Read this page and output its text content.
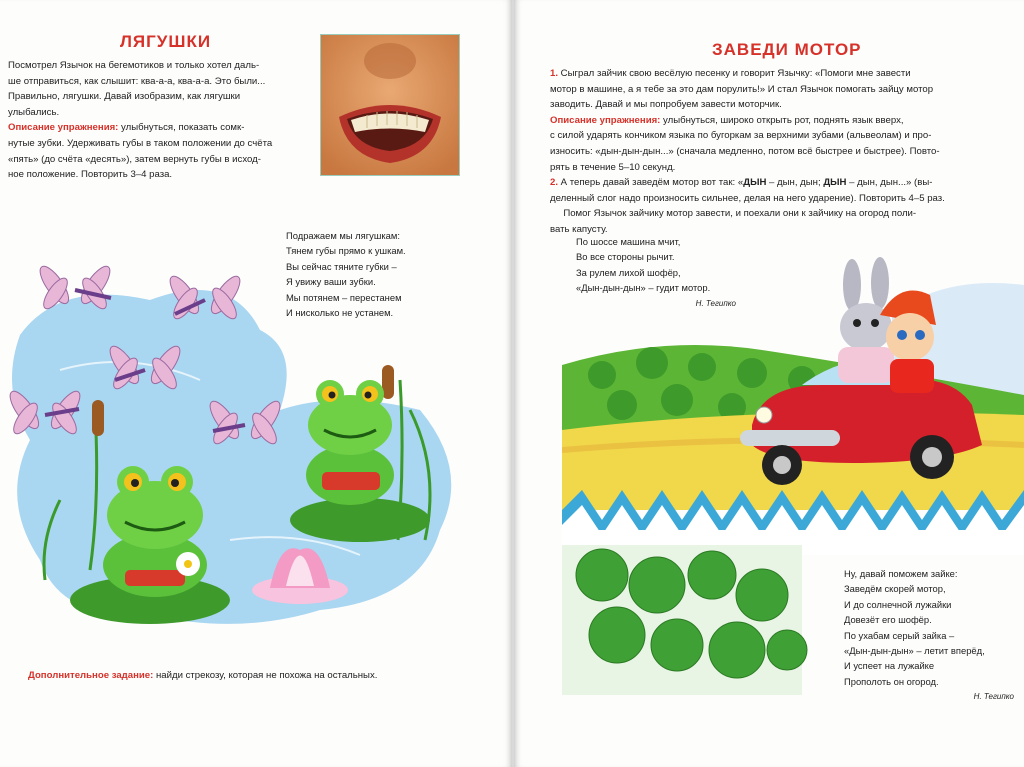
ЛЯГУШКИ
Посмотрел Язычок на бегемотиков и только хотел даль-
ше отправиться, как слышит: ква-а-а, ква-а-а. Это были...
Правильно, лягушки. Давай изобразим, как лягушки
улыбались.
Описание упражнения: улыбнуться, показать сомк-
нутые зубки. Удерживать губы в таком положении до счёта
«пять» (до счёта «десять»), затем вернуть губы в исход-
ное положение. Повторить 3–4 раза.
Подражаем мы лягушкам:
Тянем губы прямо к ушкам.
Вы сейчас тяните губки –
Я увижу ваши зубки.
Мы потянем – перестанем
И нисколько не устанем.
Дополнительное задание: найди стрекозу, которая не похожа на остальных.
ЗАВЕДИ МОТОР
1. Сыграл зайчик свою весёлую песенку и говорит Язычку: «Помоги мне завести
мотор в машине, а я тебе за это дам порулить!» И стал Язычок помогать зайцу мотор
заводить. Давай и мы попробуем завести моторчик.
Описание упражнения: улыбнуться, широко открыть рот, поднять язык вверх,
с силой ударять кончиком языка по бугоркам за верхними зубами (альвеолам) и про-
износить: «дын-дын-дын...» (сначала медленно, потом всё быстрее и быстрее). Повто-
рять в течение 5–10 секунд.
2. А теперь давай заведём мотор вот так: «ДЫН – дын, дын; ДЫН – дын, дын...» (вы-
деленный слог надо произносить сильнее, делая на него ударение). Повторить 4–5 раз.
Помог Язычок зайчику мотор завести, и поехали они к зайчику на огород поли-
вать капусту.
По шоссе машина мчит,
Во все стороны рычит.
За рулем лихой шофёр,
«Дын-дын-дын» – гудит мотор.
Н. Тегипко
Ну, давай поможем зайке:
Заведём скорей мотор,
И до солнечной лужайки
Довезёт его шофёр.
По ухабам серый зайка –
«Дын-дын-дын» – летит вперёд,
И успеет на лужайке
Прополоть он огород.
Н. Тегипко
